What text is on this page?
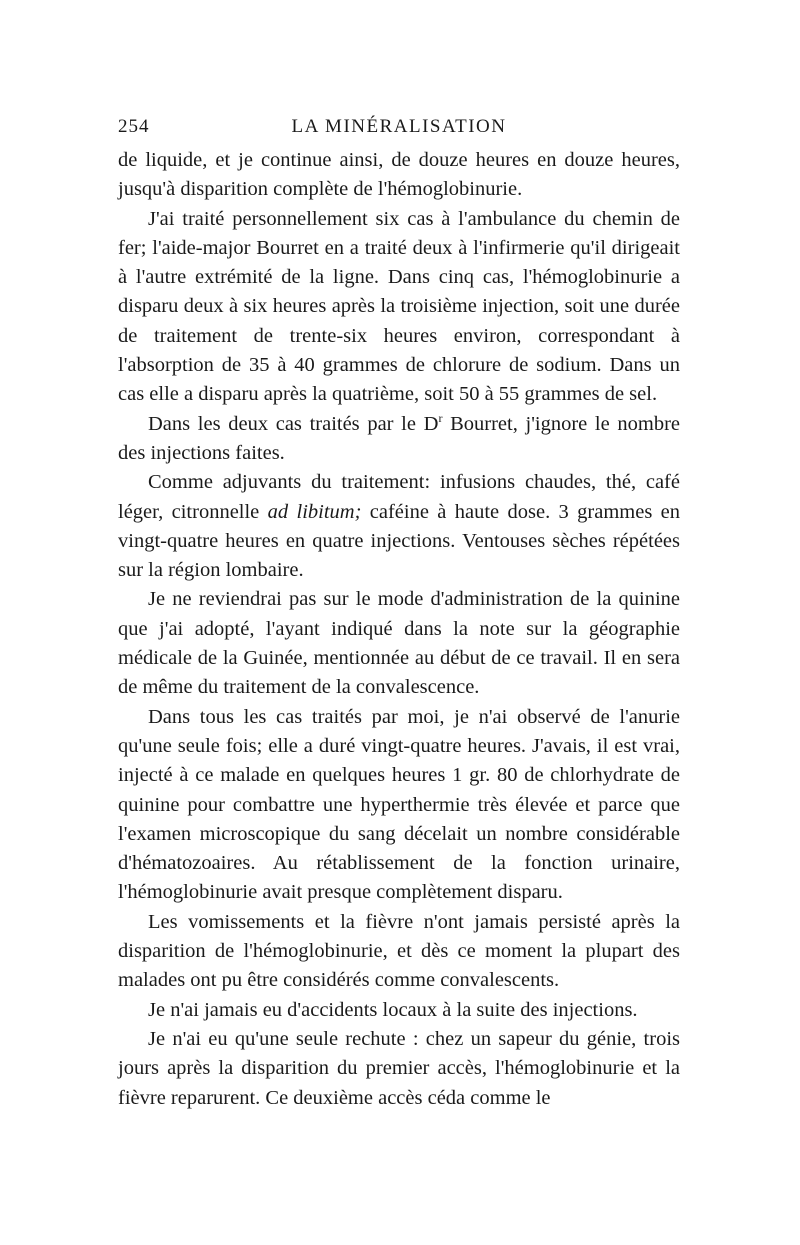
254	LA MINÉRALISATION

de liquide, et je continue ainsi, de douze heures en douze heures, jusqu'à disparition complète de l'hémoglobinurie.

J'ai traité personnellement six cas à l'ambulance du chemin de fer; l'aide-major Bourret en a traité deux à l'infirmerie qu'il dirigeait à l'autre extrémité de la ligne. Dans cinq cas, l'hémoglobinurie a disparu deux à six heures après la troisième injection, soit une durée de traitement de trente-six heures environ, correspondant à l'absorption de 35 à 40 grammes de chlorure de sodium. Dans un cas elle a disparu après la quatrième, soit 50 à 55 grammes de sel.

Dans les deux cas traités par le $D^r$ Bourret, j'ignore le nombre des injections faites.

Comme adjuvants du traitement: infusions chaudes, thé, café léger, citronnelle ad libitum; caféine à haute dose. 3 grammes en vingt-quatre heures en quatre injections. Ventouses sèches répétées sur la région lombaire.

Je ne reviendrai pas sur le mode d'administration de la quinine que j'ai adopté, l'ayant indiqué dans la note sur la géographie médicale de la Guinée, mentionnée au début de ce travail. Il en sera de même du traitement de la convalescence.

Dans tous les cas traités par moi, je n'ai observé de l'anurie qu'une seule fois; elle a duré vingt-quatre heures. J'avais, il est vrai, injecté à ce malade en quelques heures 1 gr. 80 de chlorhydrate de quinine pour combattre une hyperthermie très élevée et parce que l'examen microscopique du sang décelait un nombre considérable d'hématozoaires. Au rétablissement de la fonction urinaire, l'hémoglobinurie avait presque complètement disparu.

Les vomissements et la fièvre n'ont jamais persisté après la disparition de l'hémoglobinurie, et dès ce moment la plupart des malades ont pu être considérés comme convalescents.

Je n'ai jamais eu d'accidents locaux à la suite des injections.

Je n'ai eu qu'une seule rechute : chez un sapeur du génie, trois jours après la disparition du premier accès, l'hémoglobinurie et la fièvre reparurent. Ce deuxième accès céda comme le
